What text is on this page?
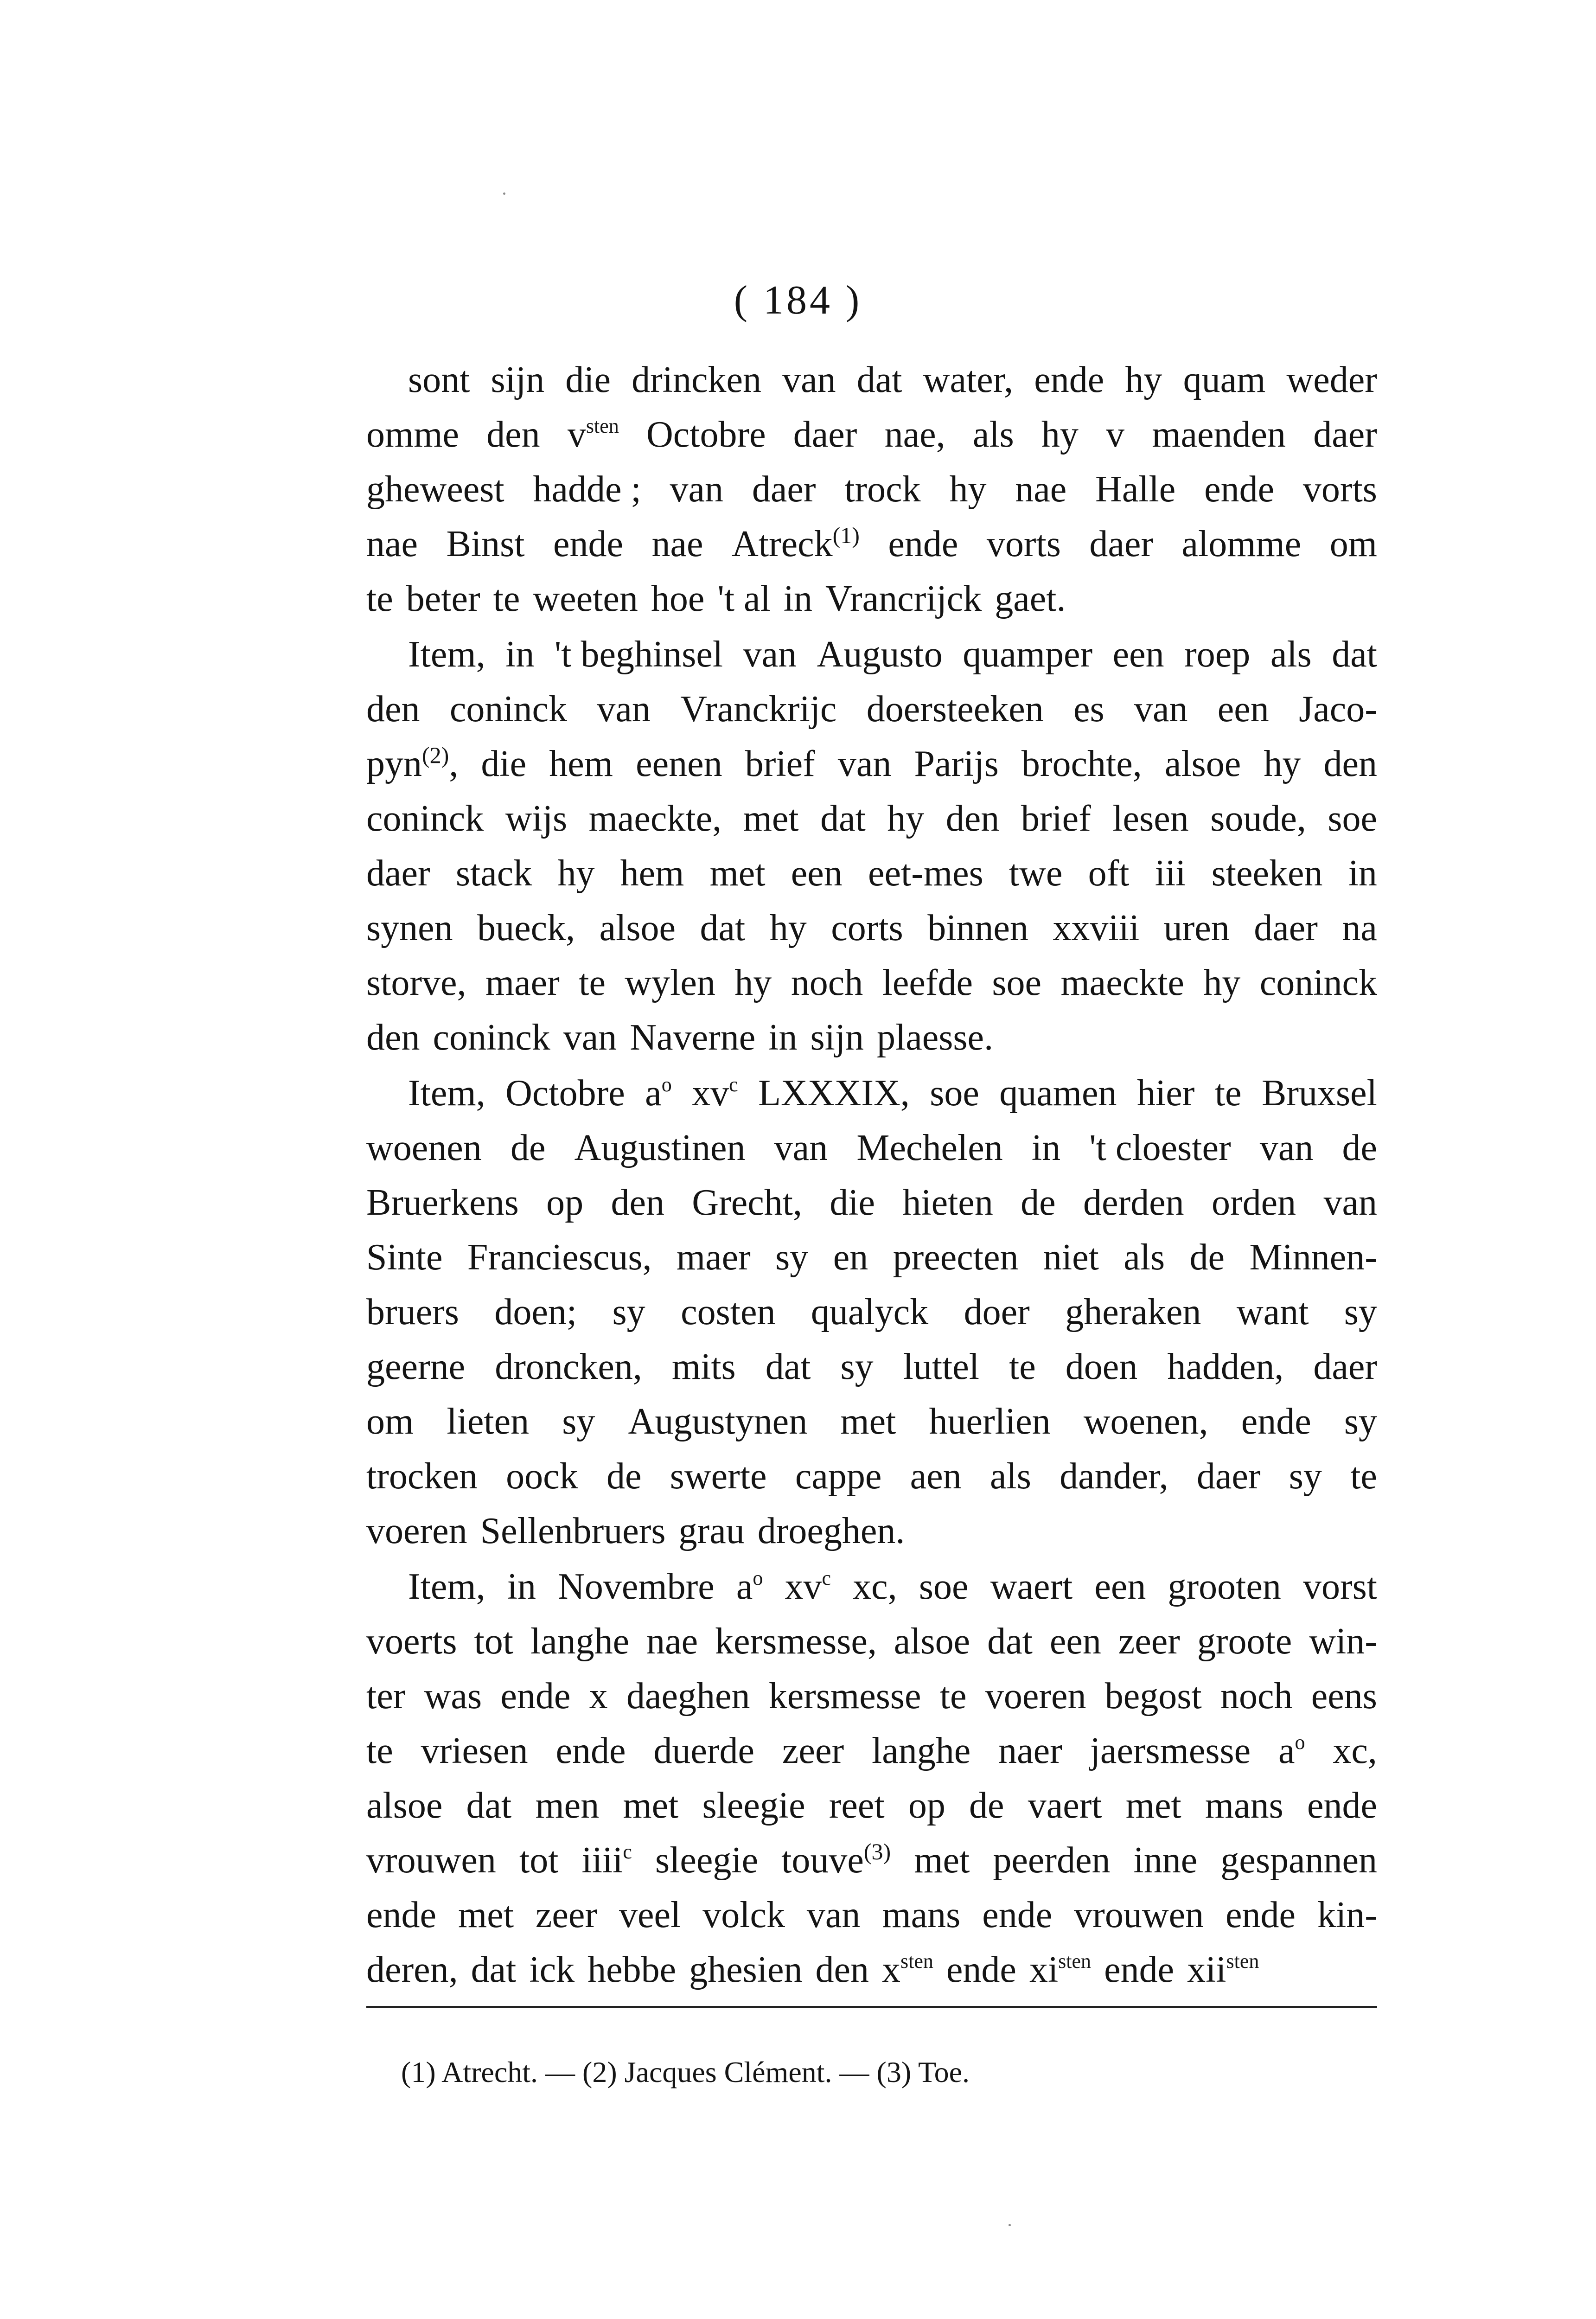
( 184 )
sont sijn die drincken van dat water, ende hy quam weder
omme den $v^{sten}$ Octobre daer nae, als hy v maenden daer
gheweest hadde ; van daer trock hy nae Halle ende vorts
nae Binst ende nae Atreck$^{(1)}$ ende vorts daer alomme om
te beter te weeten hoe 't al in Vrancrijck gaet.
Item, in 't beghinsel van Augusto quamper een roep als dat
den coninck van Vranckrijc doersteeken es van een Jaco-
pyn$^{(2)}$, die hem eenen brief van Parijs brochte, alsoe hy den
coninck wijs maeckte, met dat hy den brief lesen soude, soe
daer stack hy hem met een eet-mes twe oft iii steeken in
synen bueck, alsoe dat hy corts binnen xxviii uren daer na
storve, maer te wylen hy noch leefde soe maeckte hy coninck
den coninck van Naverne in sijn plaesse.
Item, Octobre $a^o$ $xv^c$ LXXXIX, soe quamen hier te Bruxsel
woenen de Augustinen van Mechelen in 't cloester van de
Bruerkens op den Grecht, die hieten de derden orden van
Sinte Franciescus, maer sy en preecten niet als de Minnen-
bruers doen; sy costen qualyck doer gheraken want sy
geerne droncken, mits dat sy luttel te doen hadden, daer
om lieten sy Augustynen met huerlien woenen, ende sy
trocken oock de swerte cappe aen als dander, daer sy te
voeren Sellenbruers grau droeghen.
Item, in Novembre $a^o$ $xv^c$ xc, soe waert een grooten vorst
voerts tot langhe nae kersmesse, alsoe dat een zeer groote win-
ter was ende x daeghen kersmesse te voeren begost noch eens
te vriesen ende duerde zeer langhe naer jaersmesse $a^o$ xc,
alsoe dat men met sleegie reet op de vaert met mans ende
vrouwen tot iiii$^c$ sleegie touve$^{(3)}$ met peerden inne gespannen
ende met zeer veel volck van mans ende vrouwen ende kin-
deren, dat ick hebbe ghesien den $x^{sten}$ ende $xi^{sten}$ ende xii$^{sten}$
(1) Atrecht. — (2) Jacques Clément. — (3) Toe.
